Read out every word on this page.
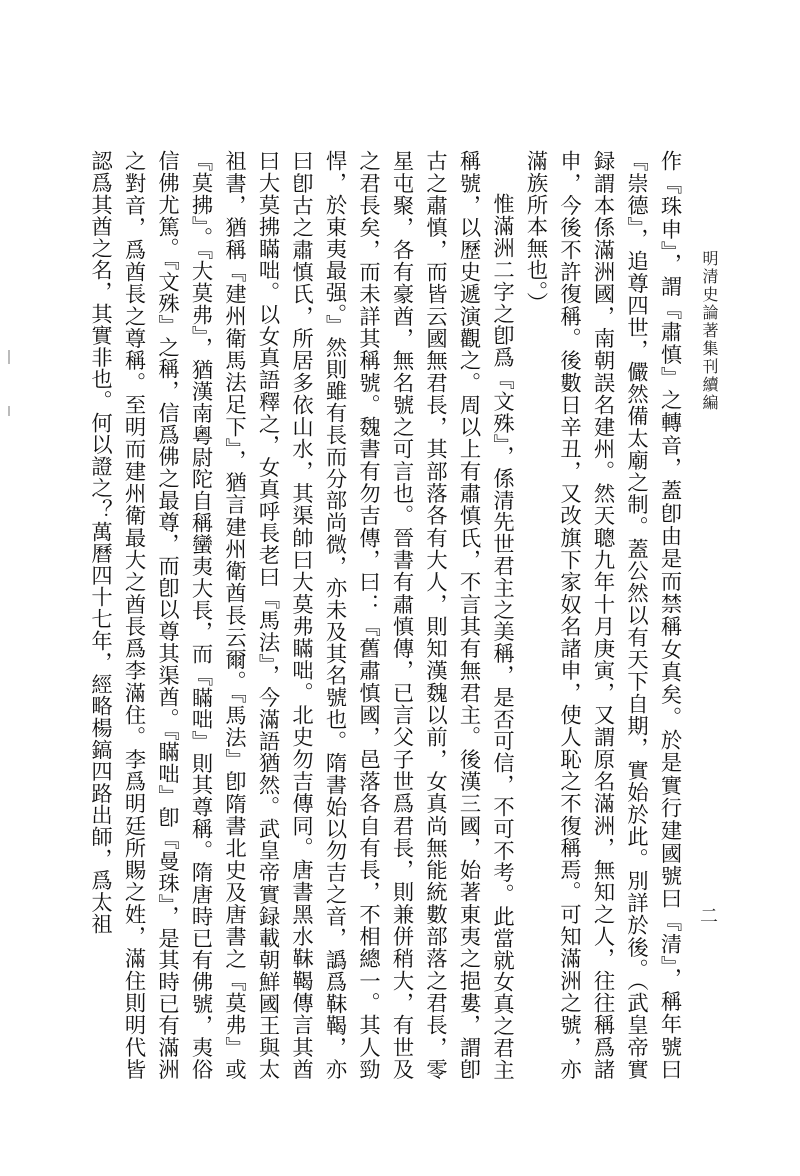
明清史論著集刊續編

作『珠申』，謂『肅慎』之轉音，蓋卽由是而禁稱女真矣。於是實行建國號曰『清』，稱年號曰『崇德』，追尊四世，儼然備太廟之制。蓋公然以有天下自期，實始於此。別詳於後。（武皇帝實録謂本係滿洲國，南朝誤名建州。然天聰九年十月庚寅，又謂原名滿洲，無知之人，往往稱爲諸申，今後不許復稱。後數日辛丑，又改旗下家奴名諸申，使人恥之不復稱焉。可知滿洲之號，亦滿族所本無也。）

惟滿洲二字之卽爲『文殊』，係清先世君主之美稱，是否可信，不可不考。此當就女真之君主稱號，以歷史遞演觀之。周以上有肅慎氏，不言其有無君主。後漢三國，始著東夷之挹婁，謂卽古之肅慎，而皆云國無君長，其部落各有大人，則知漢魏以前，女真尚無能統數部落之君長，零星屯聚，各有豪酋，無名號之可言也。晉書有肅慎傳，已言父子世爲君長，則兼併稍大，有世及之君長矣，而未詳其稱號。魏書有勿吉傳，曰：『舊肅慎國，邑落各自有長，不相總一。其人勁悍，於東夷最强。』然則雖有長而分部尚微，亦未及其名號也。隋書始以勿吉之音，譌爲靺鞨，亦曰卽古之肅慎氏，所居多依山水，其渠帥曰大莫弗瞞咄。北史勿吉傳同。唐書黑水靺鞨傳言其酋曰大莫拂瞞咄。以女真語釋之，女真呼長老曰『馬法』，今滿語猶然。武皇帝實録載朝鮮國王與太祖書，猶稱『建州衛馬法足下』，猶言建州衛酋長云爾。『馬法』卽隋書北史及唐書之『莫弗』或『莫拂』。『大莫弗』，猶漢南粵尉陀自稱蠻夷大長，而『瞞咄』則其尊稱。隋唐時已有佛號，夷俗信佛尤篤。『文殊』之稱，信爲佛之最尊，而卽以尊其渠酋。『瞞咄』卽『曼珠』，是其時已有滿洲之對音，爲酋長之尊稱。至明而建州衛最大之酋長爲李滿住。李爲明廷所賜之姓，滿住則明代皆認爲其酋之名，其實非也。何以證之？萬曆四十七年，經略楊鎬四路出師，爲太祖	二
